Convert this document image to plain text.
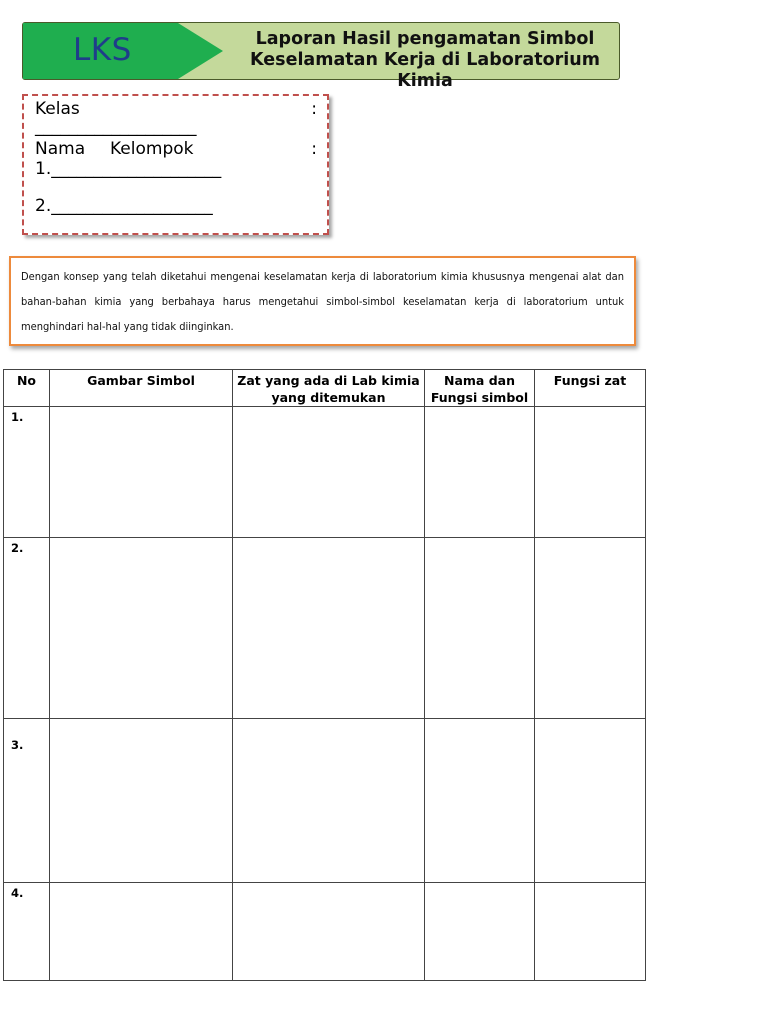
LKS	Laporan Hasil pengamatan Simbol
Keselamatan Kerja di Laboratorium
Kimia
Kelas	:
___________________
Nama Kelompok	:
1.____________________
2.___________________
Dengan konsep yang telah diketahui mengenai keselamatan kerja di laboratorium kimia khususnya mengenai alat dan bahan-bahan kimia yang berbahaya harus mengetahui simbol-simbol keselamatan kerja di laboratorium untuk menghindari hal-hal yang tidak diinginkan.
No	Gambar Simbol	Zat yang ada di Lab kimia yang ditemukan	Nama dan Fungsi simbol	Fungsi zat
1.				
2.				
3.				
4.				
